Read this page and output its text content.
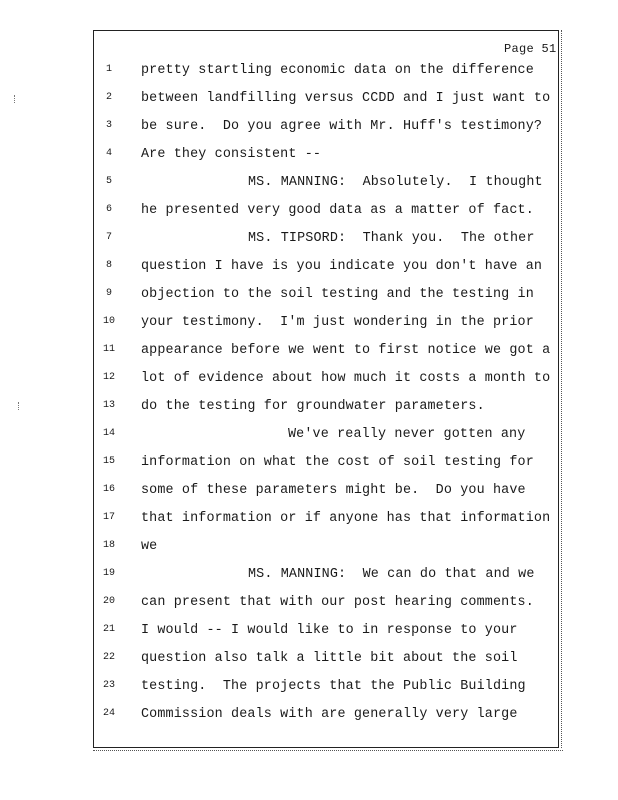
Page 51
1	pretty startling economic data on the difference
2	between landfilling versus CCDD and I just want to
3	be sure.  Do you agree with Mr. Huff's testimony?
4	Are they consistent --
5	MS. MANNING:  Absolutely.  I thought
6	he presented very good data as a matter of fact.
7	MS. TIPSORD:  Thank you.  The other
8	question I have is you indicate you don't have an
9	objection to the soil testing and the testing in
10	your testimony.  I'm just wondering in the prior
11	appearance before we went to first notice we got a
12	lot of evidence about how much it costs a month to
13	do the testing for groundwater parameters.
14	We've really never gotten any
15	information on what the cost of soil testing for
16	some of these parameters might be.  Do you have
17	that information or if anyone has that information
18	we
19	MS. MANNING:  We can do that and we
20	can present that with our post hearing comments.
21	I would -- I would like to in response to your
22	question also talk a little bit about the soil
23	testing.  The projects that the Public Building
24	Commission deals with are generally very large
